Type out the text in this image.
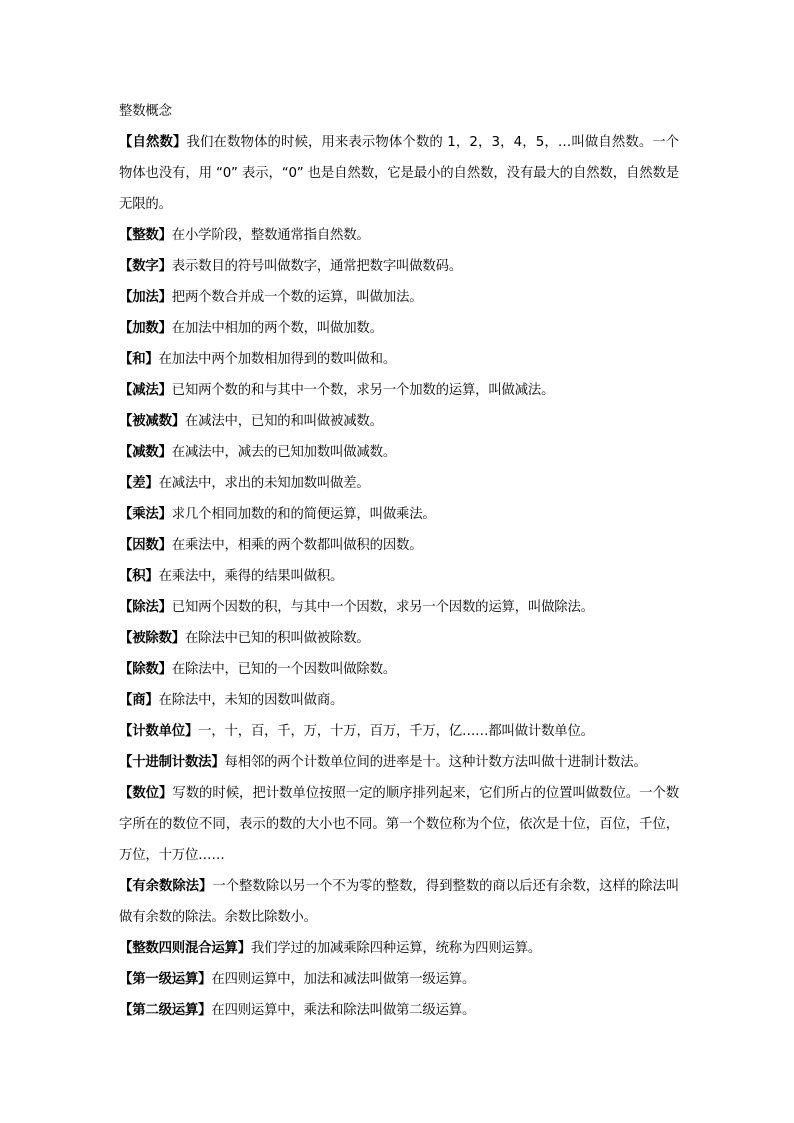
整数概念

【自然数】我们在数物体的时候，用来表示物体个数的 1，2，3，4，5，…叫做自然数。一个物体也没有，用 “0” 表示，“0” 也是自然数，它是最小的自然数，没有最大的自然数，自然数是无限的。

【整数】在小学阶段，整数通常指自然数。

【数字】表示数目的符号叫做数字，通常把数字叫做数码。

【加法】把两个数合并成一个数的运算，叫做加法。

【加数】在加法中相加的两个数，叫做加数。

【和】在加法中两个加数相加得到的数叫做和。

【减法】已知两个数的和与其中一个数，求另一个加数的运算，叫做减法。

【被减数】在减法中，已知的和叫做被减数。

【减数】在减法中，减去的已知加数叫做减数。

【差】在减法中，求出的未知加数叫做差。

【乘法】求几个相同加数的和的简便运算，叫做乘法。

【因数】在乘法中，相乘的两个数都叫做积的因数。

【积】在乘法中，乘得的结果叫做积。

【除法】已知两个因数的积，与其中一个因数，求另一个因数的运算，叫做除法。

【被除数】在除法中已知的积叫做被除数。

【除数】在除法中，已知的一个因数叫做除数。

【商】在除法中，未知的因数叫做商。

【计数单位】一，十，百，千，万，十万，百万，千万，亿……都叫做计数单位。

【十进制计数法】每相邻的两个计数单位间的进率是十。这种计数方法叫做十进制计数法。

【数位】写数的时候，把计数单位按照一定的顺序排列起来，它们所占的位置叫做数位。一个数字所在的数位不同，表示的数的大小也不同。第一个数位称为个位，依次是十位，百位，千位，万位，十万位……

【有余数除法】一个整数除以另一个不为零的整数，得到整数的商以后还有余数，这样的除法叫做有余数的除法。余数比除数小。

【整数四则混合运算】我们学过的加减乘除四种运算，统称为四则运算。

【第一级运算】在四则运算中，加法和减法叫做第一级运算。

【第二级运算】在四则运算中，乘法和除法叫做第二级运算。
